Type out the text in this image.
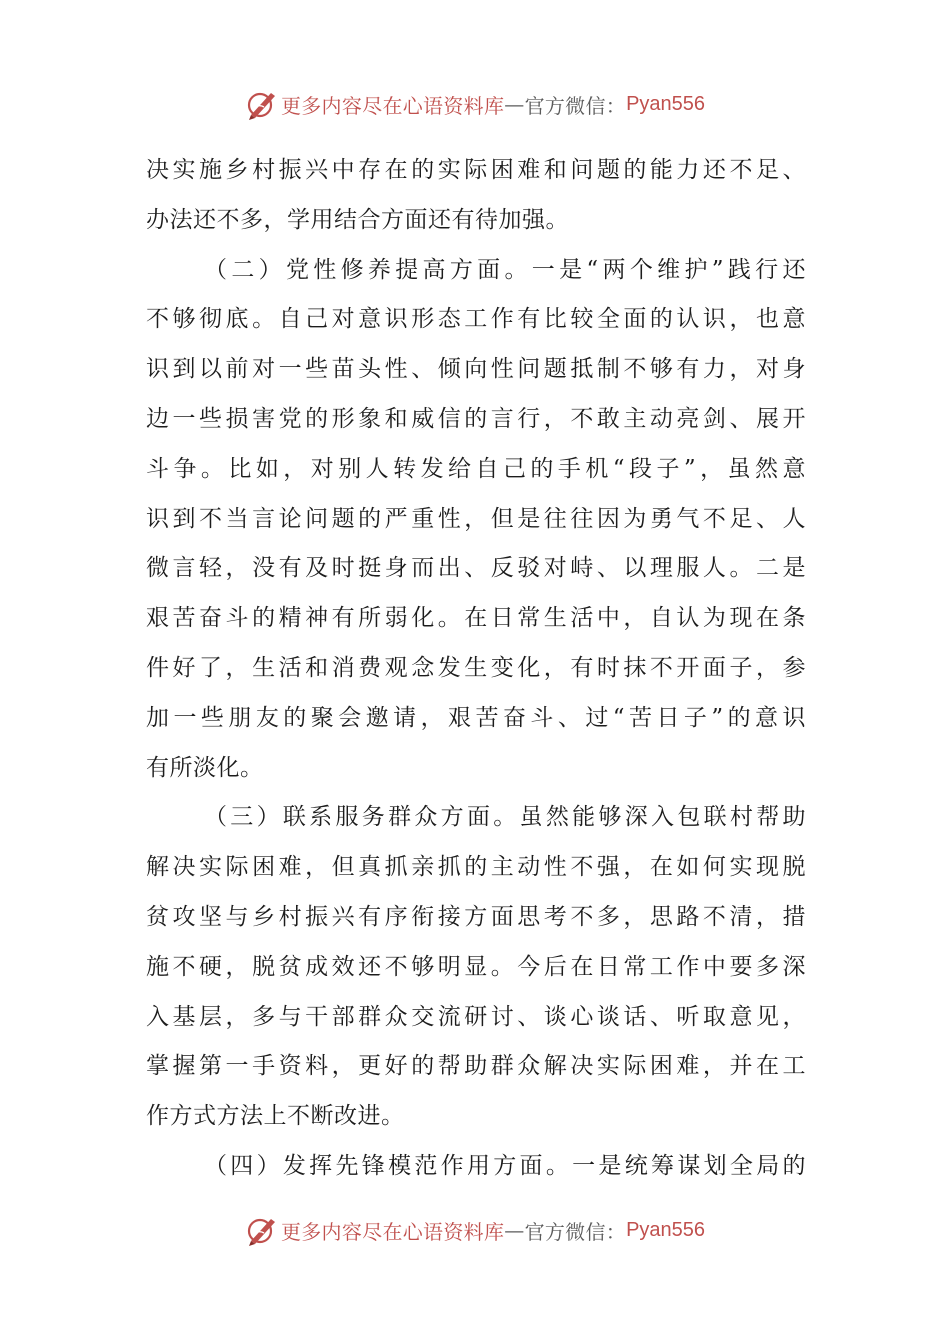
更多内容尽在心语资料库 — 官方微信： Pyan556
决实施乡村振兴中存在的实际困难和问题的能力还不足、
办法还不多，学用结合方面还有待加强。
（二）党性修养提高方面。一是“两个维护”践行还
不够彻底。自己对意识形态工作有比较全面的认识，也意
识到以前对一些苗头性、倾向性问题抵制不够有力，对身
边一些损害党的形象和威信的言行，不敢主动亮剑、展开
斗争。比如，对别人转发给自己的手机“段子”，虽然意
识到不当言论问题的严重性，但是往往因为勇气不足、人
微言轻，没有及时挺身而出、反驳对峙、以理服人。二是
艰苦奋斗的精神有所弱化。在日常生活中，自认为现在条
件好了，生活和消费观念发生变化，有时抹不开面子，参
加一些朋友的聚会邀请，艰苦奋斗、过“苦日子”的意识
有所淡化。
（三）联系服务群众方面。虽然能够深入包联村帮助
解决实际困难，但真抓亲抓的主动性不强，在如何实现脱
贫攻坚与乡村振兴有序衔接方面思考不多，思路不清，措
施不硬，脱贫成效还不够明显。今后在日常工作中要多深
入基层，多与干部群众交流研讨、谈心谈话、听取意见，
掌握第一手资料，更好的帮助群众解决实际困难，并在工
作方式方法上不断改进。
（四）发挥先锋模范作用方面。一是统筹谋划全局的
更多内容尽在心语资料库 — 官方微信： Pyan556
